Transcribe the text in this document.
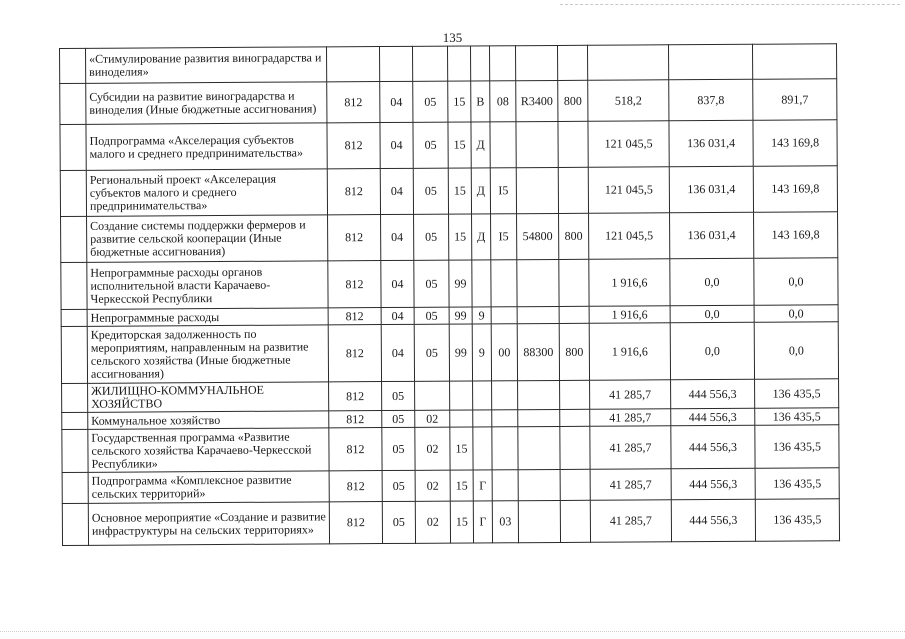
135
	«Стимулирование развития виноградарства и виноделия»											
	Субсидии на развитие виноградарства и виноделия (Иные бюджетные ассигнования)	812	04	05	15	В	08	R3400	800	518,2	837,8	891,7
	Подпрограмма «Акселерация субъектов малого и среднего предпринимательства»	812	04	05	15	Д				121 045,5	136 031,4	143 169,8
	Региональный проект «Акселерация субъектов малого и среднего предпринимательства»	812	04	05	15	Д	I5			121 045,5	136 031,4	143 169,8
	Создание системы поддержки фермеров и развитие сельской кооперации (Иные бюджетные ассигнования)	812	04	05	15	Д	I5	54800	800	121 045,5	136 031,4	143 169,8
	Непрограммные расходы органов исполнительной власти Карачаево-Черкесской Республики	812	04	05	99					1 916,6	0,0	0,0
	Непрограммные расходы	812	04	05	99	9				1 916,6	0,0	0,0
	Кредиторская задолженность по мероприятиям, направленным на развитие сельского хозяйства (Иные бюджетные ассигнования)	812	04	05	99	9	00	88300	800	1 916,6	0,0	0,0
	ЖИЛИЩНО-КОММУНАЛЬНОЕ ХОЗЯЙСТВО	812	05							41 285,7	444 556,3	136 435,5
	Коммунальное хозяйство	812	05	02						41 285,7	444 556,3	136 435,5
	Государственная программа «Развитие сельского хозяйства Карачаево-Черкесской Республики»	812	05	02	15					41 285,7	444 556,3	136 435,5
	Подпрограмма «Комплексное развитие сельских территорий»	812	05	02	15	Г				41 285,7	444 556,3	136 435,5
	Основное мероприятие «Создание и развитие инфраструктуры на сельских территориях»	812	05	02	15	Г	03			41 285,7	444 556,3	136 435,5
